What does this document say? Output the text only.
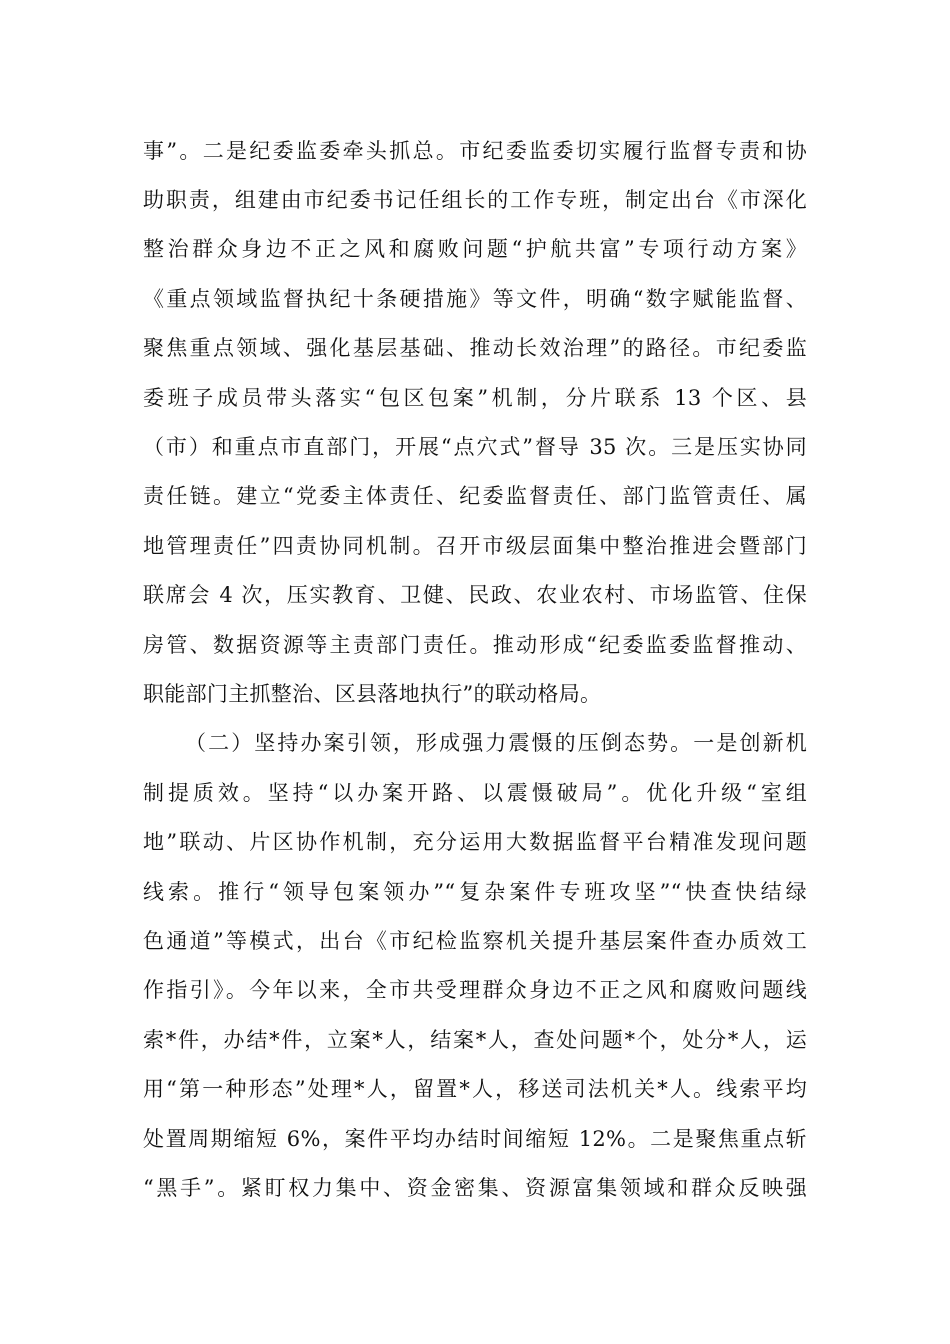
事”。二是纪委监委牵头抓总。市纪委监委切实履行监督专责和协
助职责，组建由市纪委书记任组长的工作专班，制定出台《市深化
整治群众身边不正之风和腐败问题“护航共富”专项行动方案》
《重点领域监督执纪十条硬措施》等文件，明确“数字赋能监督、
聚焦重点领域、强化基层基础、推动长效治理”的路径。市纪委监
委班子成员带头落实“包区包案”机制，分片联系 13 个区、县
（市）和重点市直部门，开展“点穴式”督导 35 次。三是压实协同
责任链。建立“党委主体责任、纪委监督责任、部门监管责任、属
地管理责任”四责协同机制。召开市级层面集中整治推进会暨部门
联席会 4 次，压实教育、卫健、民政、农业农村、市场监管、住保
房管、数据资源等主责部门责任。推动形成“纪委监委监督推动、
职能部门主抓整治、区县落地执行”的联动格局。
（二）坚持办案引领，形成强力震慑的压倒态势。一是创新机
制提质效。坚持“以办案开路、以震慑破局”。优化升级“室组
地”联动、片区协作机制，充分运用大数据监督平台精准发现问题
线索。推行“领导包案领办”“复杂案件专班攻坚”“快查快结绿
色通道”等模式，出台《市纪检监察机关提升基层案件查办质效工
作指引》。今年以来，全市共受理群众身边不正之风和腐败问题线
索*件，办结*件，立案*人，结案*人，查处问题*个，处分*人，运
用“第一种形态”处理*人，留置*人，移送司法机关*人。线索平均
处置周期缩短 6%，案件平均办结时间缩短 12%。二是聚焦重点斩
“黑手”。紧盯权力集中、资金密集、资源富集领域和群众反映强
